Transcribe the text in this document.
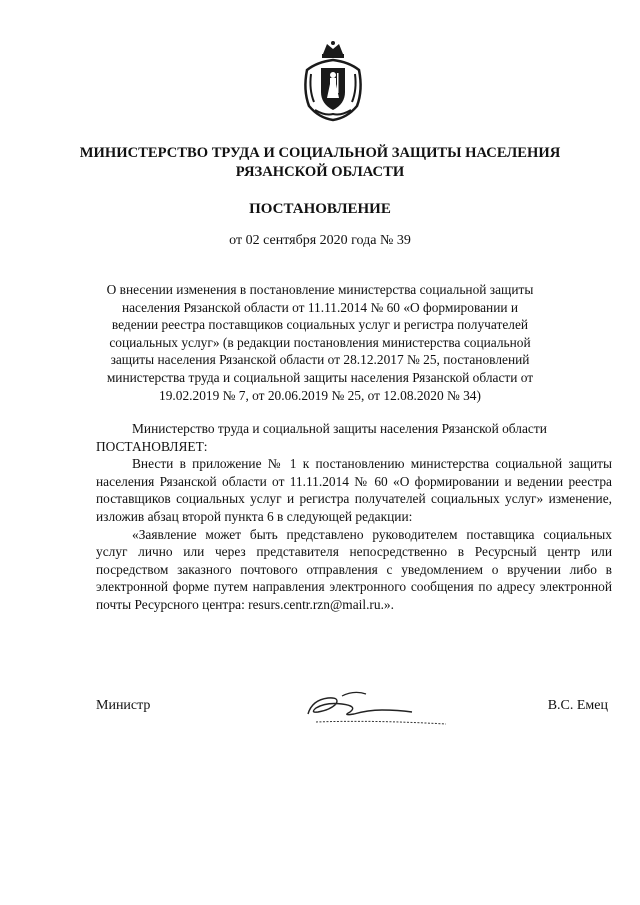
МИНИСТЕРСТВО ТРУДА И СОЦИАЛЬНОЙ ЗАЩИТЫ НАСЕЛЕНИЯ
РЯЗАНСКОЙ ОБЛАСТИ
ПОСТАНОВЛЕНИЕ
от 02 сентября 2020 года № 39
О внесении изменения в постановление министерства социальной защиты населения Рязанской области от 11.11.2014 № 60 «О формировании и ведении реестра поставщиков социальных услуг и регистра получателей социальных услуг» (в редакции постановления министерства социальной защиты населения Рязанской области от 28.12.2017 № 25, постановлений министерства труда и социальной защиты населения Рязанской области от 19.02.2019 № 7, от 20.06.2019 № 25, от 12.08.2020 № 34)

Министерство труда и социальной защиты населения Рязанской области

ПОСТАНОВЛЯЕТ:

Внести в приложение № 1 к постановлению министерства социальной защиты населения Рязанской области от 11.11.2014 № 60 «О формировании и ведении реестра поставщиков социальных услуг и регистра получателей социальных услуг» изменение, изложив абзац второй пункта 6 в следующей редакции:

«Заявление может быть представлено руководителем поставщика социальных услуг лично или через представителя непосредственно в Ресурсный центр или посредством заказного почтового отправления с уведомлением о вручении либо в электронной форме путем направления электронного сообщения по адресу электронной почты Ресурсного центра: resurs.centr.rzn@mail.ru.».

Министр	В.С. Емец
